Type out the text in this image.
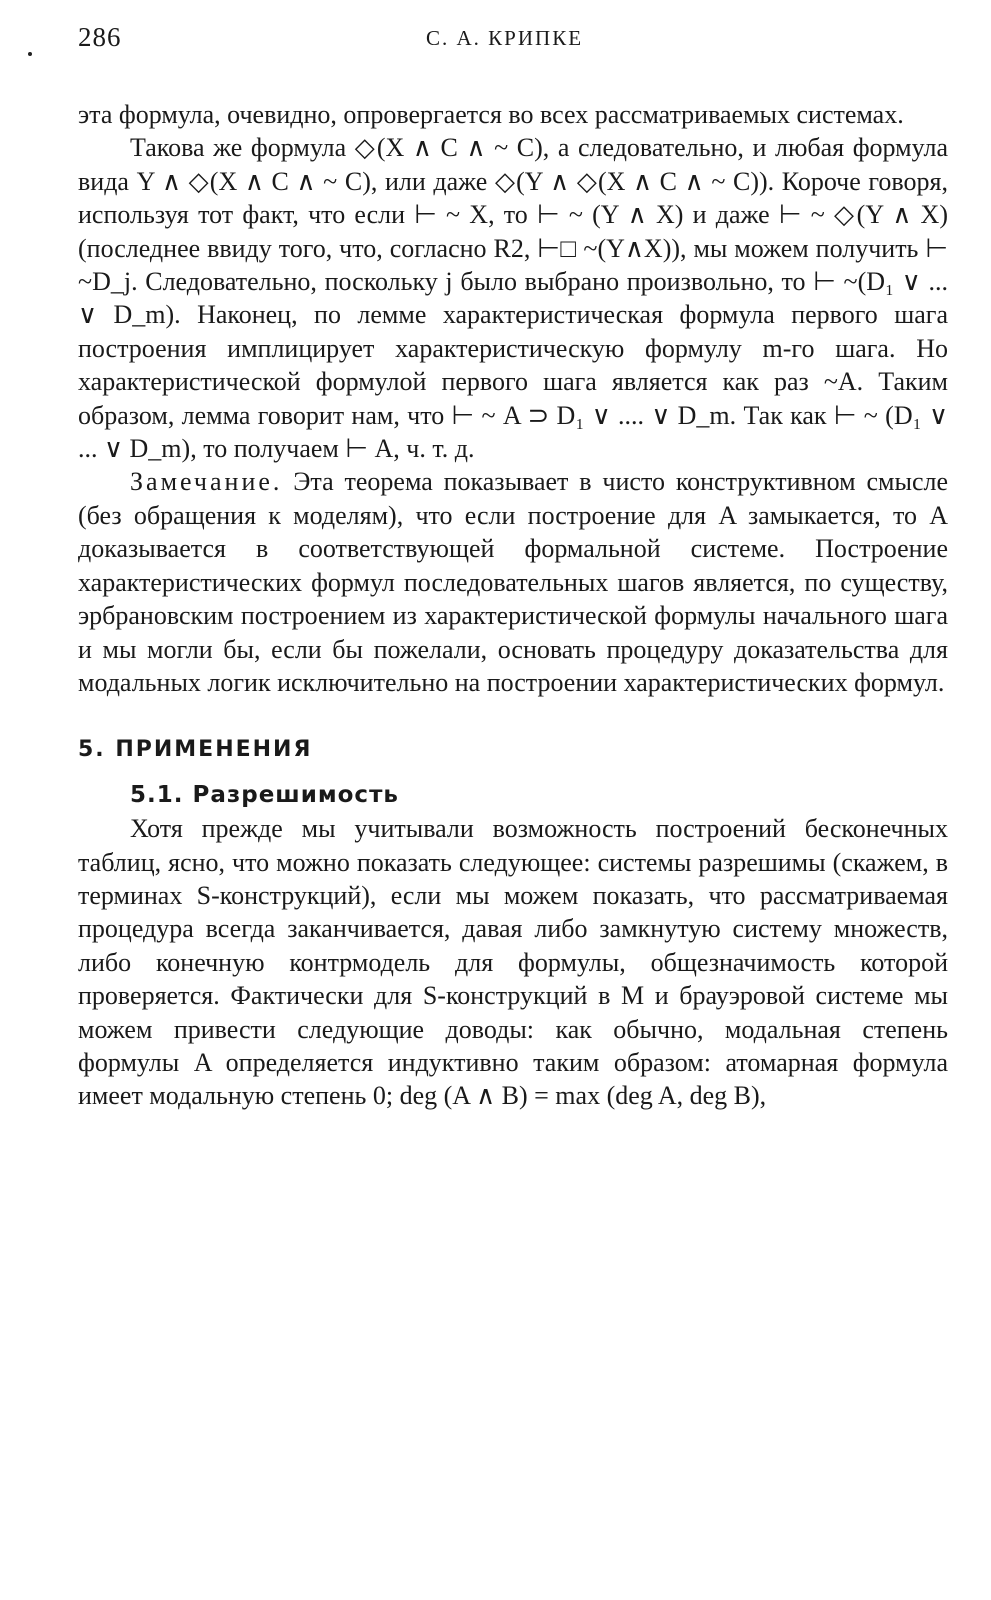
286	С. А. КРИПКЕ

эта формула, очевидно, опровергается во всех рассматриваемых системах.

Такова же формула ◇(X ∧ C ∧ ~ C), а следовательно, и любая формула вида Y ∧ ◇(X ∧ C ∧ ~ C), или даже ◇(Y ∧ ◇(X ∧ C ∧ ~ C)). Короче говоря, используя тот факт, что если ⊢ ~ X, то ⊢ ~ (Y ∧ X) и даже ⊢ ~ ◇(Y ∧ X) (последнее ввиду того, что, согласно R2, ⊢□ ~(Y∧X)), мы можем получить ⊢ ~D_j. Следовательно, поскольку j было выбрано произвольно, то ⊢ ~(D₁ ∨ ... ∨ D_m). Наконец, по лемме характеристическая формула первого шага построения имплицирует характеристическую формулу m-го шага. Но характеристической формулой первого шага является как раз ~A. Таким образом, лемма говорит нам, что ⊢ ~ A ⊃ D₁ ∨ .... ∨ D_m. Так как ⊢ ~ (D₁ ∨ ... ∨ D_m), то получаем ⊢ A, ч. т. д.

Замечание. Эта теорема показывает в чисто конструктивном смысле (без обращения к моделям), что если построение для A замыкается, то A доказывается в соответствующей формальной системе. Построение характеристических формул последовательных шагов является, по существу, эрбрановским построением из характеристической формулы начального шага и мы могли бы, если бы пожелали, основать процедуру доказательства для модальных логик исключительно на построении характеристических формул.

5. ПРИМЕНЕНИЯ
5.1. Разрешимость

Хотя прежде мы учитывали возможность построений бесконечных таблиц, ясно, что можно показать следующее: системы разрешимы (скажем, в терминах S-конструкций), если мы можем показать, что рассматриваемая процедура всегда заканчивается, давая либо замкнутую систему множеств, либо конечную контрмодель для формулы, общезначимость которой проверяется. Фактически для S-конструкций в M и брауэровой системе мы можем привести следующие доводы: как обычно, модальная степень формулы A определяется индуктивно таким образом: атомарная формула имеет модальную степень 0; deg (A ∧ B) = max (deg A, deg B),
